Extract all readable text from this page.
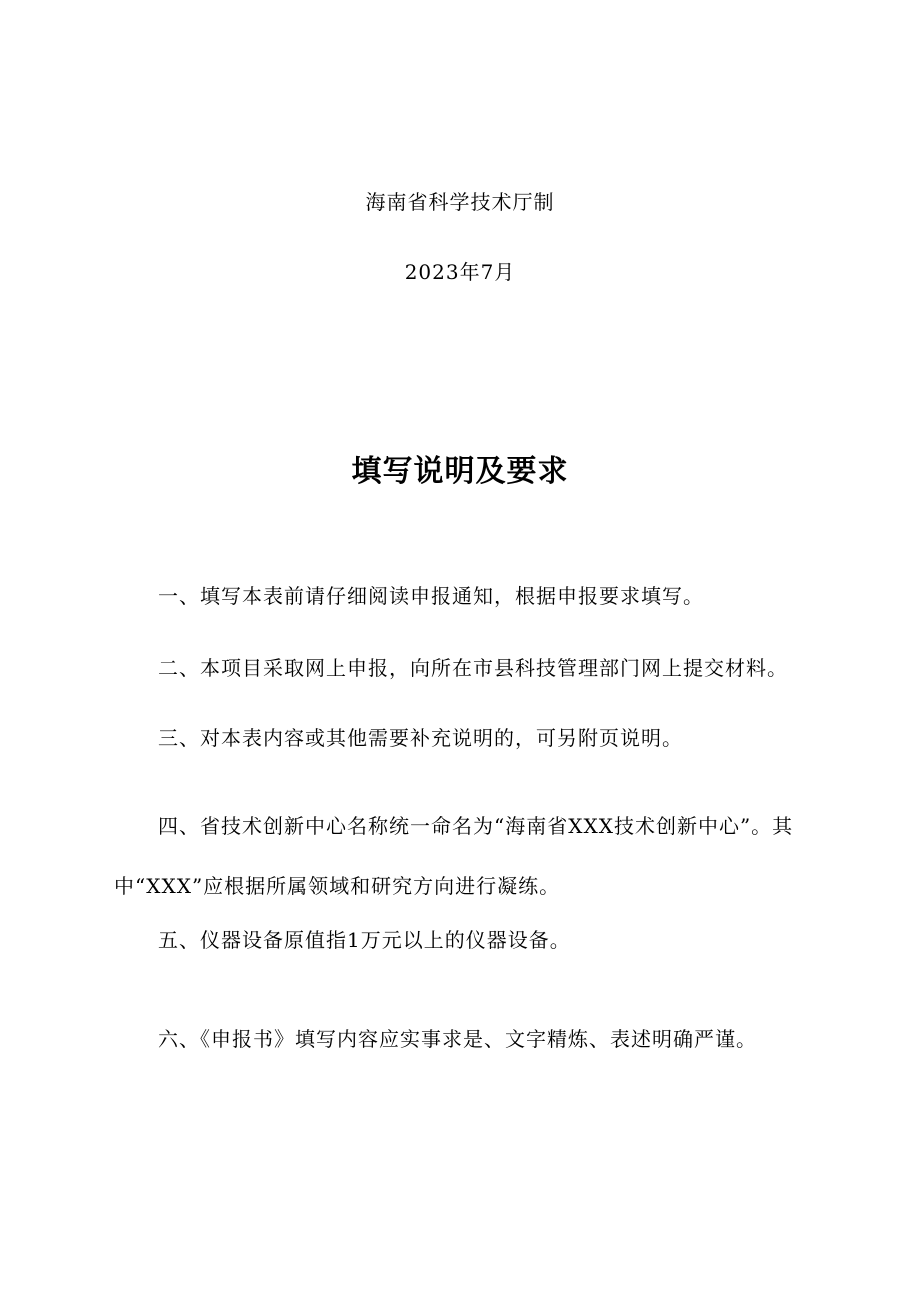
海南省科学技术厅制
2023年7月
填写说明及要求

一、填写本表前请仔细阅读申报通知，根据申报要求填写。

二、本项目采取网上申报，向所在市县科技管理部门网上提交材料。

三、对本表内容或其他需要补充说明的，可另附页说明。

四、省技术创新中心名称统一命名为“海南省XXX技术创新中心”。其中“XXX”应根据所属领域和研究方向进行凝练。

五、仪器设备原值指1万元以上的仪器设备。

六、《申报书》填写内容应实事求是、文字精炼、表述明确严谨。
